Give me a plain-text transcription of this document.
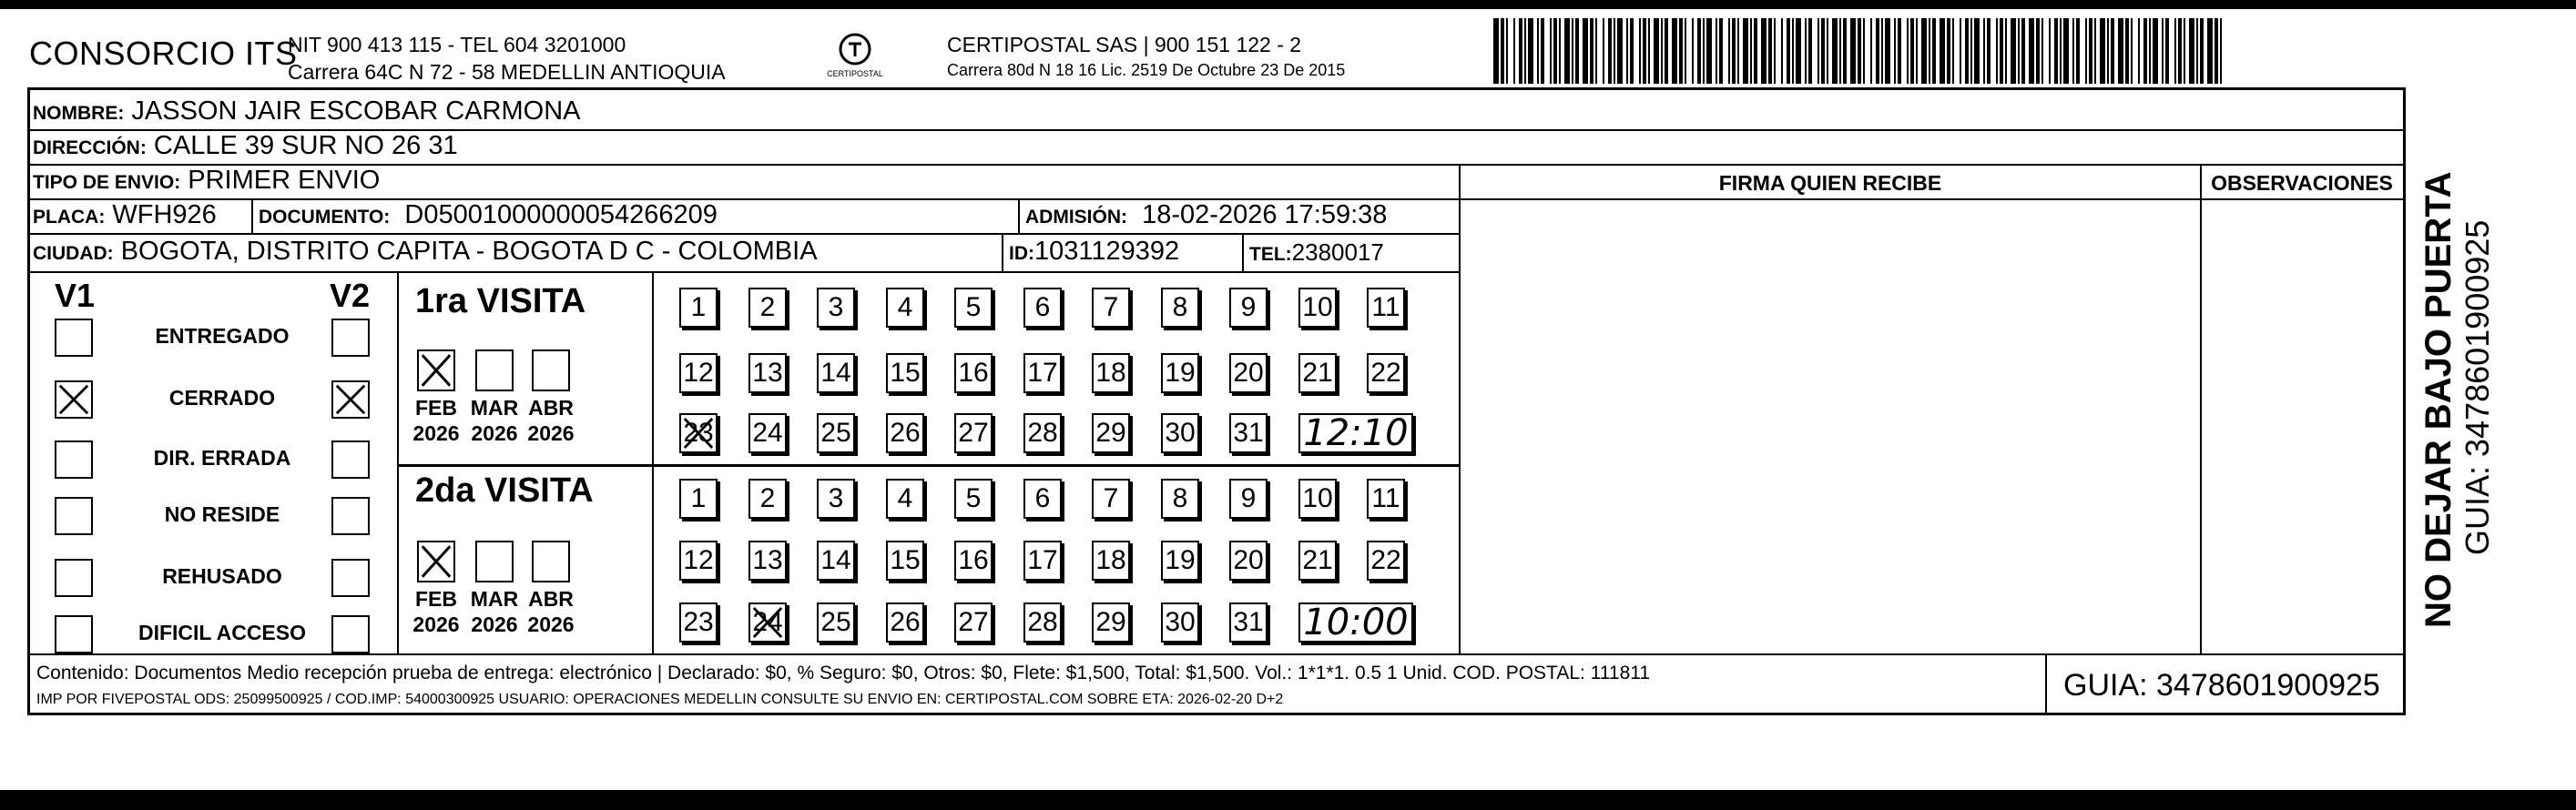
CONSORCIO ITS
NIT 900 413 115 - TEL 604 3201000
Carrera 64C N 72 - 58 MEDELLIN ANTIOQUIA	CERTIPOSTAL
CERTIPOSTAL SAS | 900 151 122 - 2
Carrera 80d N 18 16 Lic. 2519 De Octubre 23 De 2015
NOMBRE: JASSON JAIR ESCOBAR CARMONA
DIRECCIÓN: CALLE 39 SUR NO 26 31
TIPO DE ENVIO: PRIMER ENVIO
PLACA: WFH926 DOCUMENTO: D05001000000054266209	ADMISIÓN: 18-02-2026 17:59:38
CIUDAD: BOGOTA, DISTRITO CAPITA - BOGOTA D C - COLOMBIA	ID:1031129392	TEL:2380017
FIRMA QUIEN RECIBE	OBSERVACIONES
V1	V2
ENTREGADO
CERRADO
DIR. ERRADA
NO RESIDE
REHUSADO
DIFICIL ACCESO
1ra VISITA
FEB
2026
MAR
2026
ABR
2026
1 2 3 4 5 6 7 8 9 10 11
12 13 14 15 16 17 18 19 20 21 22
23 24 25 26 27 28 29 30 31 12:10
2da VISITA
FEB
2026
MAR
2026
ABR
2026
1 2 3 4 5 6 7 8 9 10 11
12 13 14 15 16 17 18 19 20 21 22
23 24 25 26 27 28 29 30 31 10:00
Contenido: Documentos Medio recepción prueba de entrega: electrónico | Declarado: $0, % Seguro: $0, Otros: $0, Flete: $1,500, Total: $1,500. Vol.: 1*1*1. 0.5 1 Unid. COD. POSTAL: 111811
IMP POR FIVEPOSTAL ODS: 25099500925 / COD.IMP: 54000300925 USUARIO: OPERACIONES MEDELLIN CONSULTE SU ENVIO EN: CERTIPOSTAL.COM SOBRE ETA: 2026-02-20 D+2	GUIA: 3478601900925
NO DEJAR BAJO PUERTA GUIA: 3478601900925
